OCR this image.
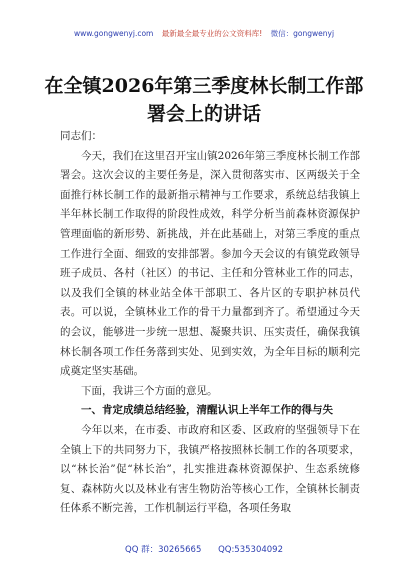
www.gongwenyj.com 最新最全最专业的公文资料库! 微信：gongwenyj
在全镇2026年第三季度林长制工作部署会上的讲话

同志们：

今天，我们在这里召开宝山镇2026年第三季度林长制工作部署会。这次会议的主要任务是，深入贯彻落实市、区两级关于全面推行林长制工作的最新指示精神与工作要求，系统总结我镇上半年林长制工作取得的阶段性成效，科学分析当前森林资源保护管理面临的新形势、新挑战，并在此基础上，对第三季度的重点工作进行全面、细致的安排部署。参加今天会议的有镇党政领导班子成员、各村（社区）的书记、主任和分管林业工作的同志，以及我们全镇的林业站全体干部职工、各片区的专职护林员代表。可以说，全镇林业工作的骨干力量都到齐了。希望通过今天的会议，能够进一步统一思想、凝聚共识、压实责任，确保我镇林长制各项工作任务落到实处、见到实效，为全年目标的顺利完成奠定坚实基础。

下面，我讲三个方面的意见。

一、肯定成绩总结经验，清醒认识上半年工作的得与失

今年以来，在市委、市政府和区委、区政府的坚强领导下在全镇上下的共同努力下，我镇严格按照林长制工作的各项要求，以“林长治”促“林长治”，扎实推进森林资源保护、生态系统修复、森林防火以及林业有害生物防治等核心工作，全镇林长制责任体系不断完善，工作机制运行平稳，各项任务取

QQ 群：30265665 QQ:535304092
